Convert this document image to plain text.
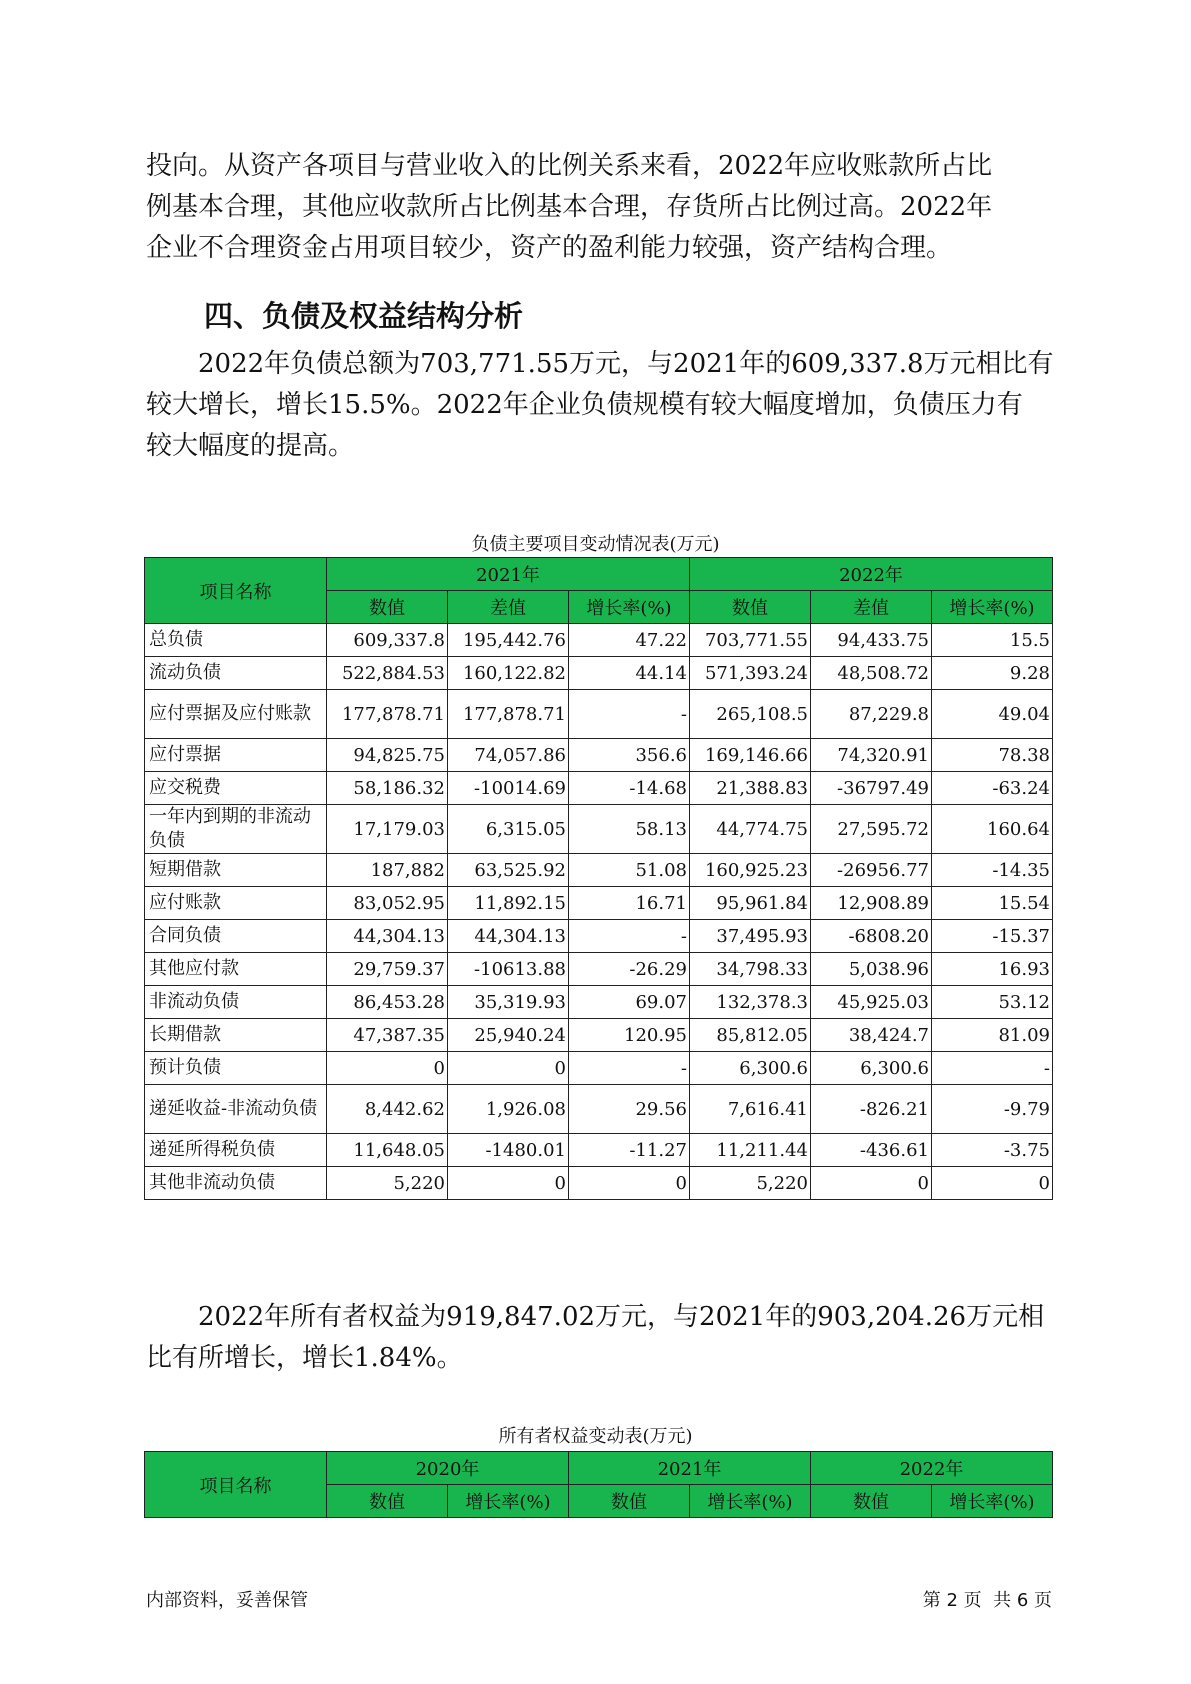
投向。从资产各项目与营业收入的比例关系来看，2022年应收账款所占比
例基本合理，其他应收款所占比例基本合理，存货所占比例过高。2022年
企业不合理资金占用项目较少，资产的盈利能力较强，资产结构合理。
四、负债及权益结构分析
2022年负债总额为703,771.55万元，与2021年的609,337.8万元相比有
较大增长，增长15.5%。2022年企业负债规模有较大幅度增加，负债压力有
较大幅度的提高。

负债主要项目变动情况表(万元)

项目名称	2021年			2022年		
	数值	差值	增长率(%)	数值	差值	增长率(%)
总负债	609,337.8	195,442.76	47.22	703,771.55	94,433.75	15.5
流动负债	522,884.53	160,122.82	44.14	571,393.24	48,508.72	9.28
应付票据及应付账款	177,878.71	177,878.71	-	265,108.5	87,229.8	49.04
应付票据	94,825.75	74,057.86	356.6	169,146.66	74,320.91	78.38
应交税费	58,186.32	-10014.69	-14.68	21,388.83	-36797.49	-63.24
一年内到期的非流动负债	17,179.03	6,315.05	58.13	44,774.75	27,595.72	160.64
短期借款	187,882	63,525.92	51.08	160,925.23	-26956.77	-14.35
应付账款	83,052.95	11,892.15	16.71	95,961.84	12,908.89	15.54
合同负债	44,304.13	44,304.13	-	37,495.93	-6808.20	-15.37
其他应付款	29,759.37	-10613.88	-26.29	34,798.33	5,038.96	16.93
非流动负债	86,453.28	35,319.93	69.07	132,378.3	45,925.03	53.12
长期借款	47,387.35	25,940.24	120.95	85,812.05	38,424.7	81.09
预计负债	0	0	-	6,300.6	6,300.6	-
递延收益-非流动负债	8,442.62	1,926.08	29.56	7,616.41	-826.21	-9.79
递延所得税负债	11,648.05	-1480.01	-11.27	11,211.44	-436.61	-3.75
其他非流动负债	5,220	0	0	5,220	0	0
2022年所有者权益为919,847.02万元，与2021年的903,204.26万元相
比有所增长，增长1.84%。

所有者权益变动表(万元)

项目名称	2020年		2021年		2022年	
	数值	增长率(%)	数值	增长率(%)	数值	增长率(%)

内部资料，妥善保管	第 2 页  共 6 页
